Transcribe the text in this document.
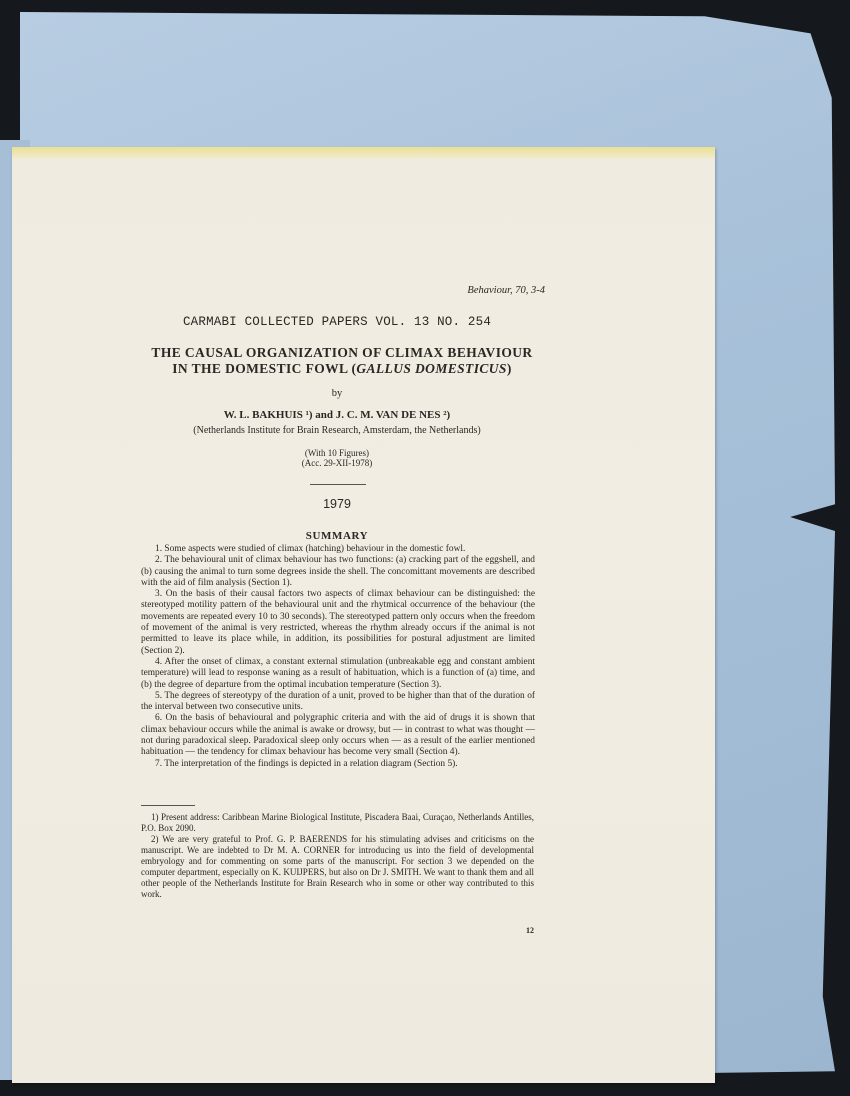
Behaviour, 70, 3-4

CARMABI COLLECTED PAPERS VOL. 13 NO. 254

THE CAUSAL ORGANIZATION OF CLIMAX BEHAVIOUR
IN THE DOMESTIC FOWL (GALLUS DOMESTICUS)

by

W. L. BAKHUIS ¹) and J. C. M. VAN DE NES ²)

(Netherlands Institute for Brain Research, Amsterdam, the Netherlands)

(With 10 Figures)
(Acc. 29-XII-1978)

1979

SUMMARY

1. Some aspects were studied of climax (hatching) behaviour in the domestic fowl.

2. The behavioural unit of climax behaviour has two functions: (a) cracking part of the eggshell, and (b) causing the animal to turn some degrees inside the shell. The concomittant movements are described with the aid of film analysis (Section 1).

3. On the basis of their causal factors two aspects of climax behaviour can be distinguished: the stereotyped motility pattern of the behavioural unit and the rhytmical occurrence of the behaviour (the movements are repeated every 10 to 30 seconds). The stereotyped pattern only occurs when the freedom of movement of the animal is very restricted, whereas the rhythm already occurs if the animal is not permitted to leave its place while, in addition, its possibilities for postural adjustment are limited (Section 2).

4. After the onset of climax, a constant external stimulation (unbreakable egg and constant ambient temperature) will lead to response waning as a result of habituation, which is a function of (a) time, and (b) the degree of departure from the optimal incubation temperature (Section 3).

5. The degrees of stereotypy of the duration of a unit, proved to be higher than that of the duration of the interval between two consecutive units.

6. On the basis of behavioural and polygraphic criteria and with the aid of drugs it is shown that climax behaviour occurs while the animal is awake or drowsy, but — in contrast to what was thought — not during paradoxical sleep. Paradoxical sleep only occurs when — as a result of the earlier mentioned habituation — the tendency for climax behaviour has become very small (Section 4).

7. The interpretation of the findings is depicted in a relation diagram (Section 5).

1) Present address: Caribbean Marine Biological Institute, Piscadera Baai, Curaçao, Netherlands Antilles, P.O. Box 2090.

2) We are very grateful to Prof. G. P. BAERENDS for his stimulating advises and criticisms on the manuscript. We are indebted to Dr M. A. CORNER for introducing us into the field of developmental embryology and for commenting on some parts of the manuscript. For section 3 we depended on the computer department, especially on K. KUIJPERS, but also on Dr J. SMITH. We want to thank them and all other people of the Netherlands Institute for Brain Research who in some or other way contributed to this work.

12
